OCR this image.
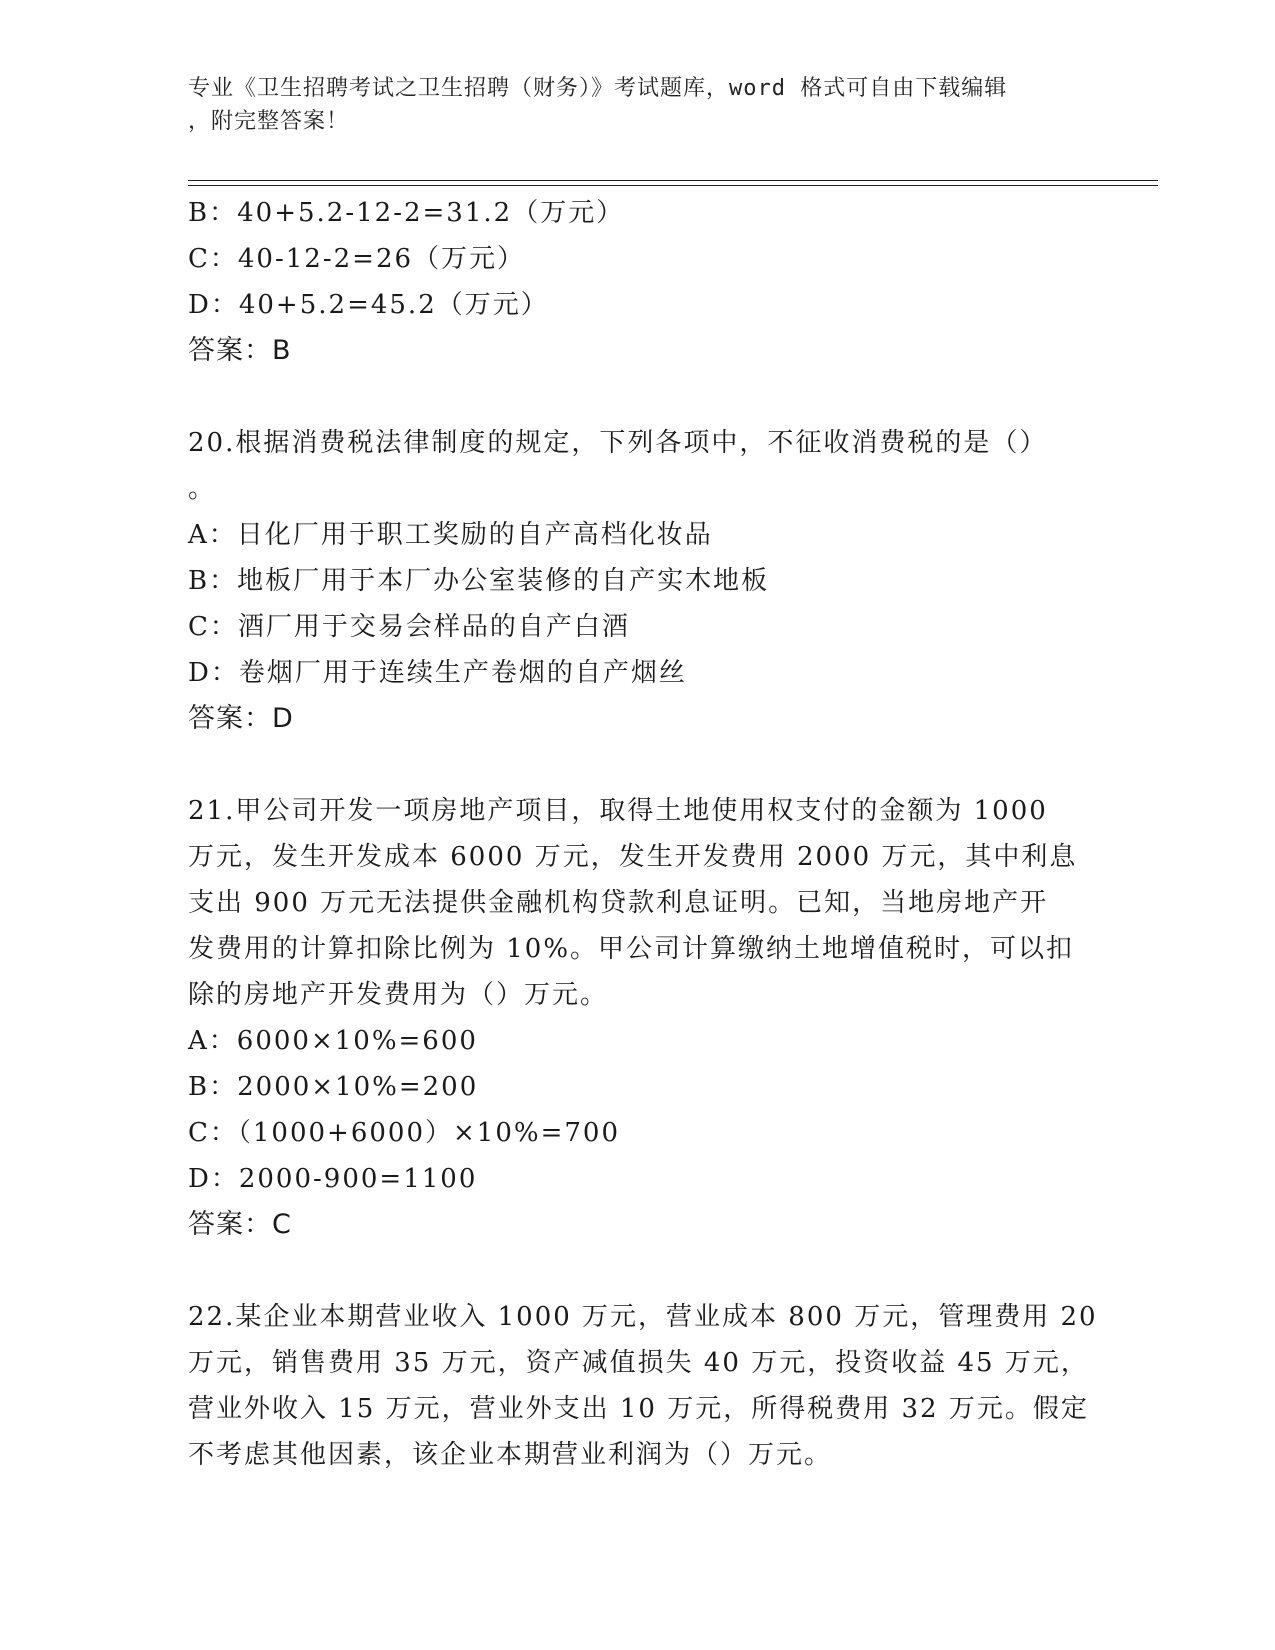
专业《卫生招聘考试之卫生招聘（财务）》考试题库，word 格式可自由下载编辑
，附完整答案！
B：40+5.2-12-2=31.2（万元）
C：40-12-2=26（万元）
D：40+5.2=45.2（万元）
答案：B
20.根据消费税法律制度的规定，下列各项中，不征收消费税的是（）
。
A：日化厂用于职工奖励的自产高档化妆品
B：地板厂用于本厂办公室装修的自产实木地板
C：酒厂用于交易会样品的自产白酒
D：卷烟厂用于连续生产卷烟的自产烟丝
答案：D
21.甲公司开发一项房地产项目，取得土地使用权支付的金额为 1000
万元，发生开发成本 6000 万元，发生开发费用 2000 万元，其中利息
支出 900 万元无法提供金融机构贷款利息证明。已知，当地房地产开
发费用的计算扣除比例为 10%。甲公司计算缴纳土地增值税时，可以扣
除的房地产开发费用为（）万元。
A：6000×10%=600
B：2000×10%=200
C：（1000+6000）×10%=700
D：2000-900=1100
答案：C
22.某企业本期营业收入 1000 万元，营业成本 800 万元，管理费用 20
万元，销售费用 35 万元，资产减值损失 40 万元，投资收益 45 万元，
营业外收入 15 万元，营业外支出 10 万元，所得税费用 32 万元。假定
不考虑其他因素，该企业本期营业利润为（）万元。
